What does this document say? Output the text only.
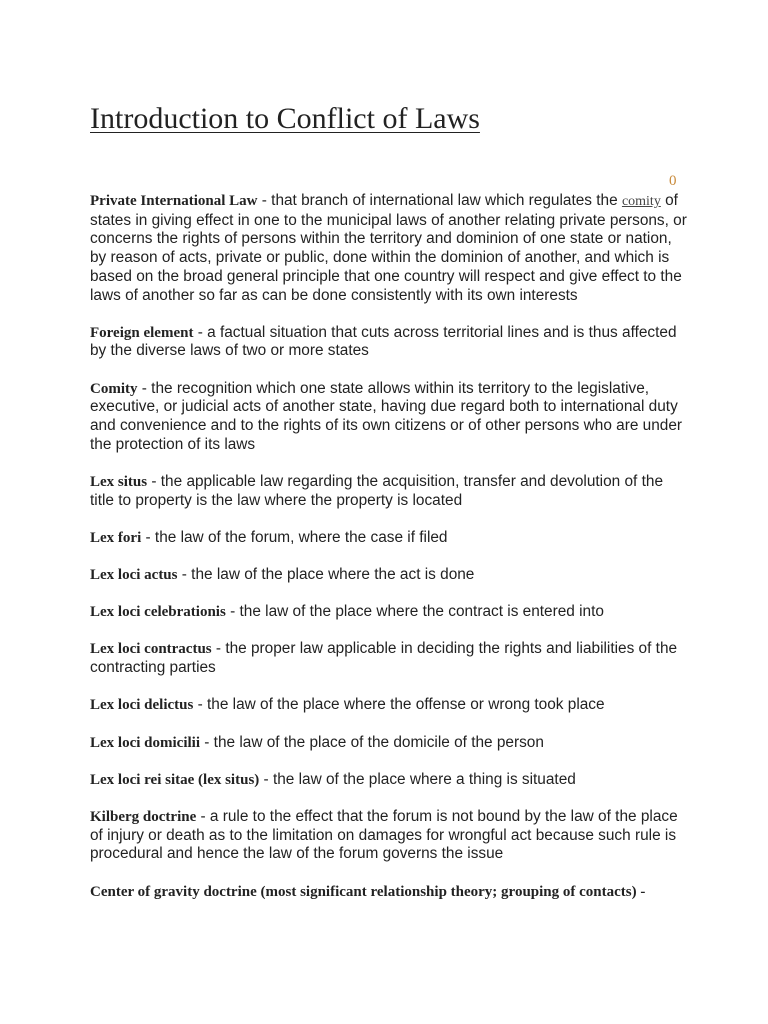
Introduction to Conflict of Laws
0

Private International Law - that branch of international law which regulates the comity of states in giving effect in one to the municipal laws of another relating private persons, or concerns the rights of persons within the territory and dominion of one state or nation, by reason of acts, private or public, done within the dominion of another, and which is based on the broad general principle that one country will respect and give effect to the laws of another so far as can be done consistently with its own interests

Foreign element - a factual situation that cuts across territorial lines and is thus affected by the diverse laws of two or more states

Comity - the recognition which one state allows within its territory to the legislative, executive, or judicial acts of another state, having due regard both to international duty and convenience and to the rights of its own citizens or of other persons who are under the protection of its laws

Lex situs - the applicable law regarding the acquisition, transfer and devolution of the title to property is the law where the property is located

Lex fori - the law of the forum, where the case if filed

Lex loci actus - the law of the place where the act is done

Lex loci celebrationis - the law of the place where the contract is entered into

Lex loci contractus - the proper law applicable in deciding the rights and liabilities of the contracting parties

Lex loci delictus - the law of the place where the offense or wrong took place

Lex loci domicilii - the law of the place of the domicile of the person

Lex loci rei sitae (lex situs) - the law of the place where a thing is situated

Kilberg doctrine - a rule to the effect that the forum is not bound by the law of the place of injury or death as to the limitation on damages for wrongful act because such rule is procedural and hence the law of the forum governs the issue

Center of gravity doctrine (most significant relationship theory; grouping of contacts) -
